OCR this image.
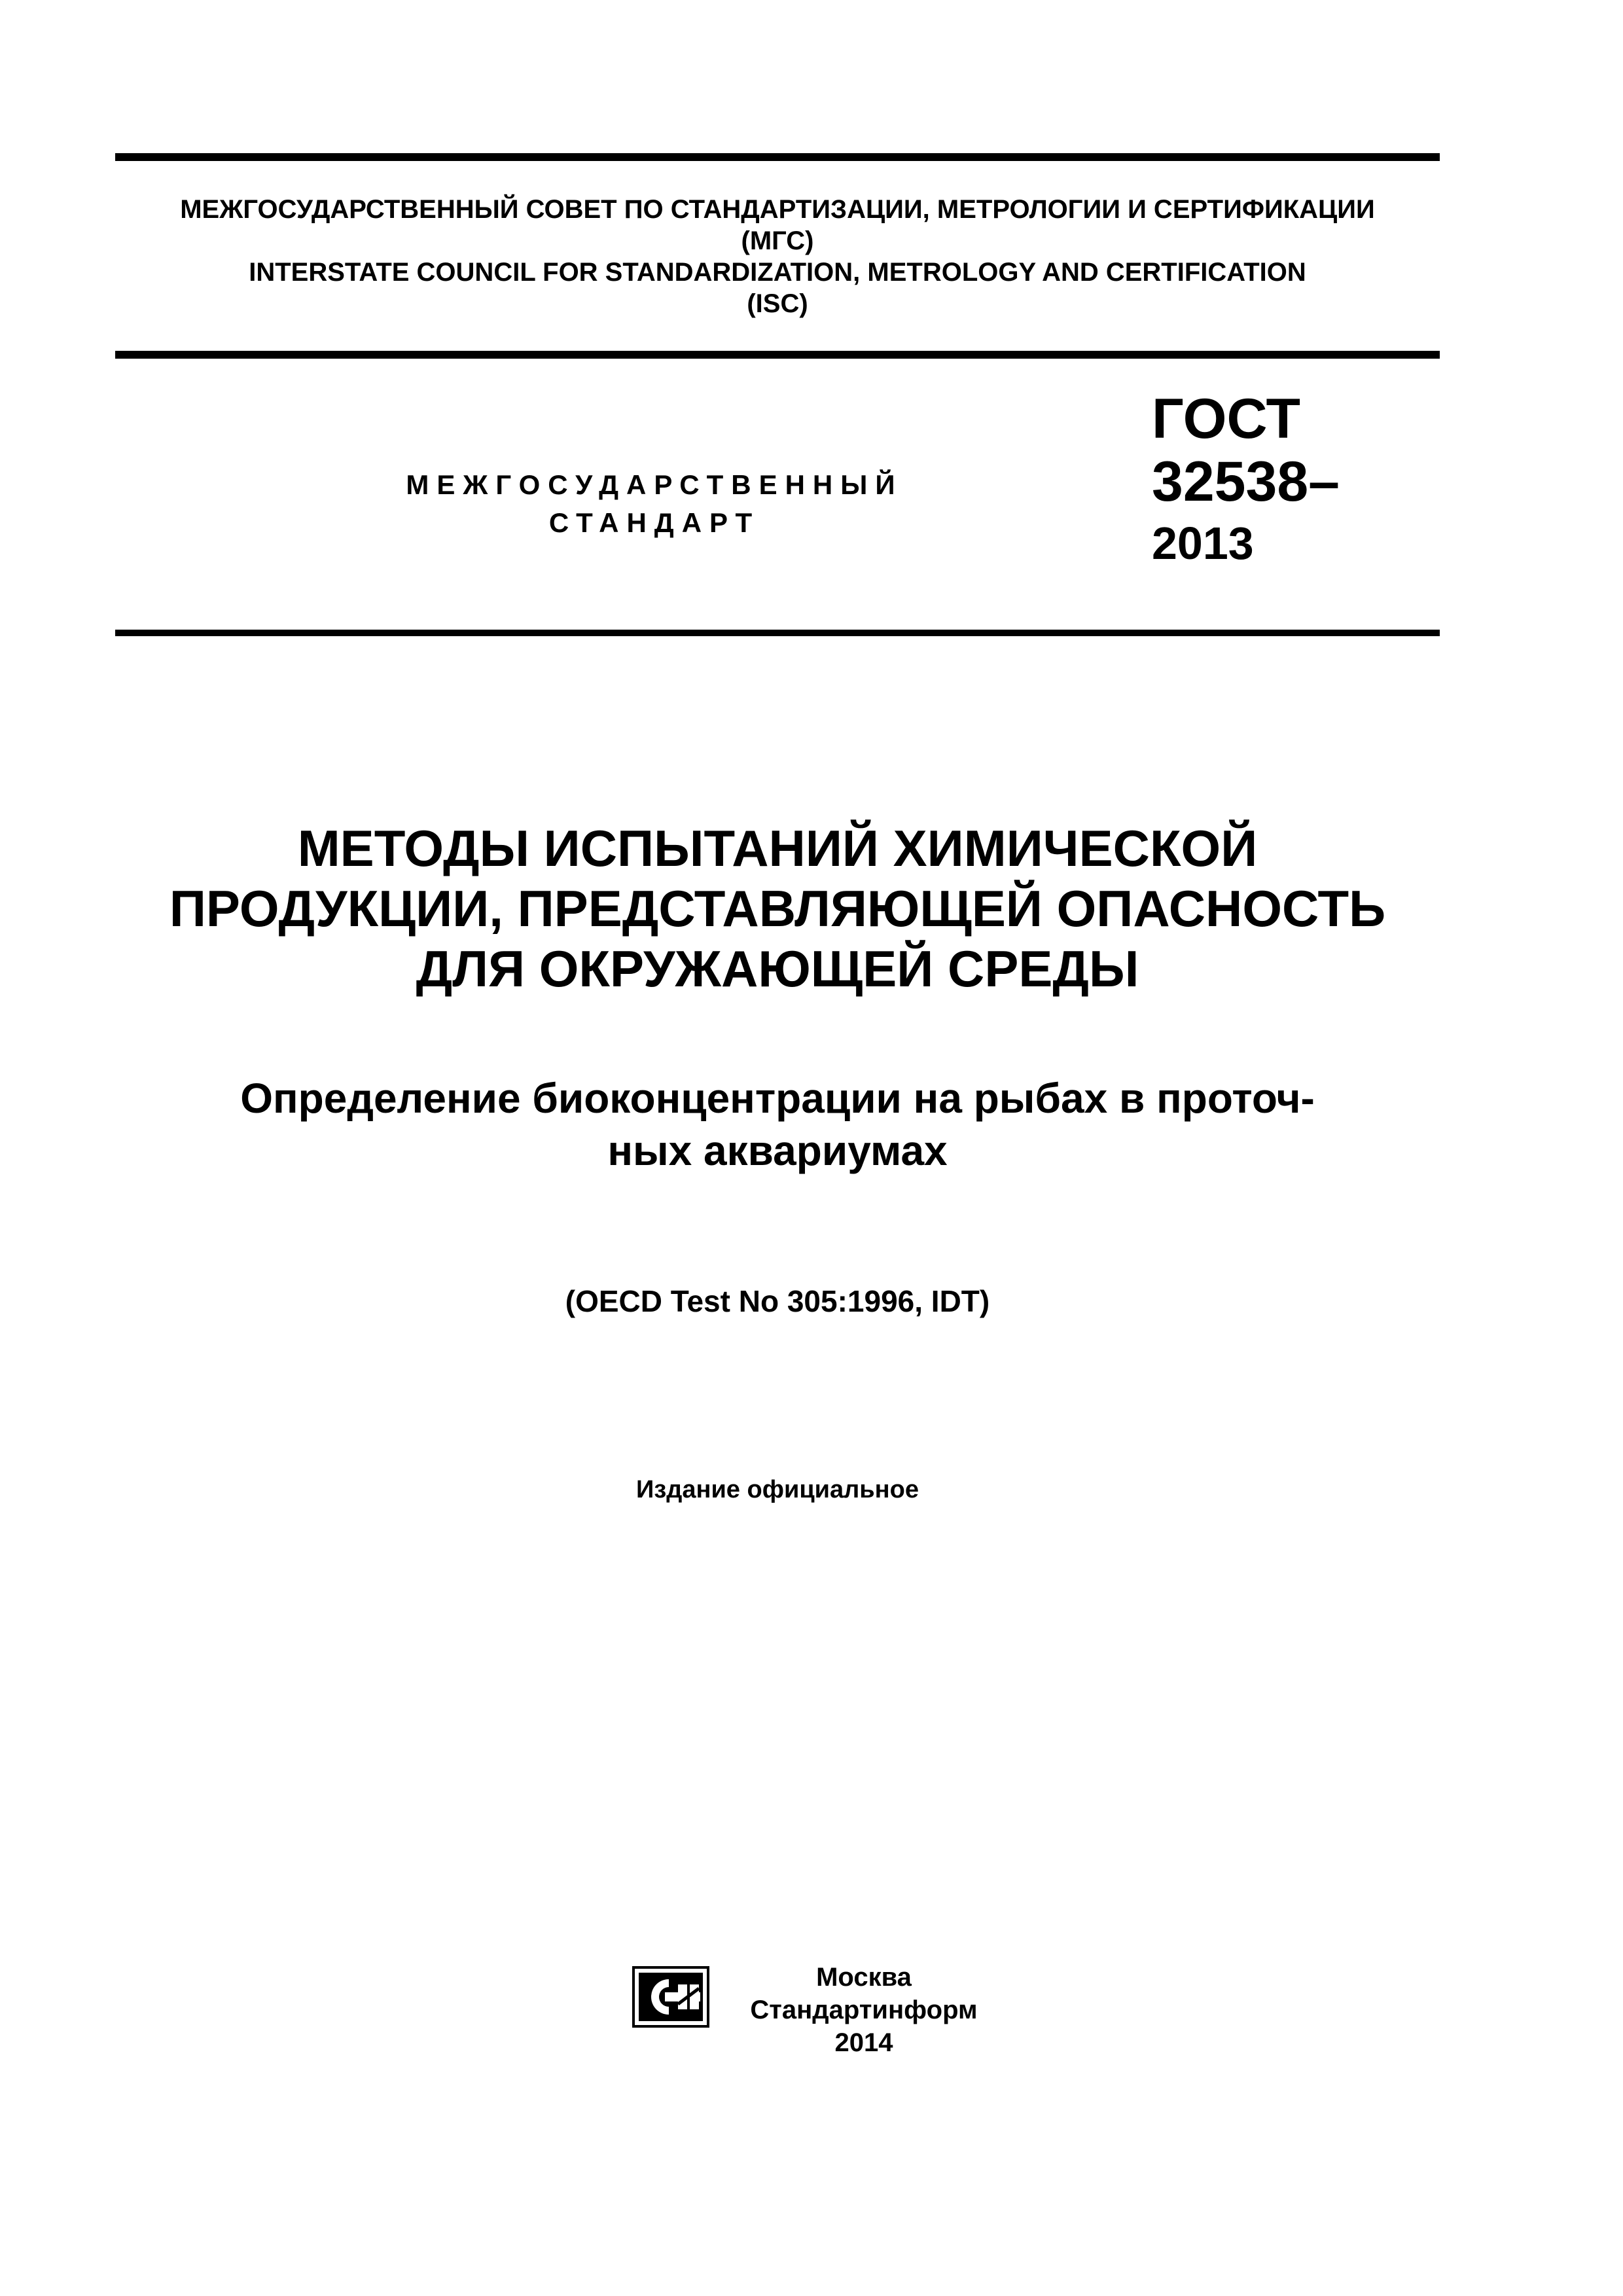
МЕЖГОСУДАРСТВЕННЫЙ СОВЕТ ПО СТАНДАРТИЗАЦИИ, МЕТРОЛОГИИ И СЕРТИФИКАЦИИ
(МГС)
INTERSTATE COUNCIL FOR STANDARDIZATION, METROLOGY AND CERTIFICATION
(ISC)
МЕЖГОСУДАРСТВЕННЫЙ
СТАНДАРТ
ГОСТ
32538–
2013
МЕТОДЫ ИСПЫТАНИЙ ХИМИЧЕСКОЙ
ПРОДУКЦИИ, ПРЕДСТАВЛЯЮЩЕЙ ОПАСНОСТЬ
ДЛЯ ОКРУЖАЮЩЕЙ СРЕДЫ
Определение биоконцентрации на рыбах в проточ-
ных аквариумах
(OECD Test No 305:1996, IDT)
Издание официальное
Москва
Стандартинформ
2014
